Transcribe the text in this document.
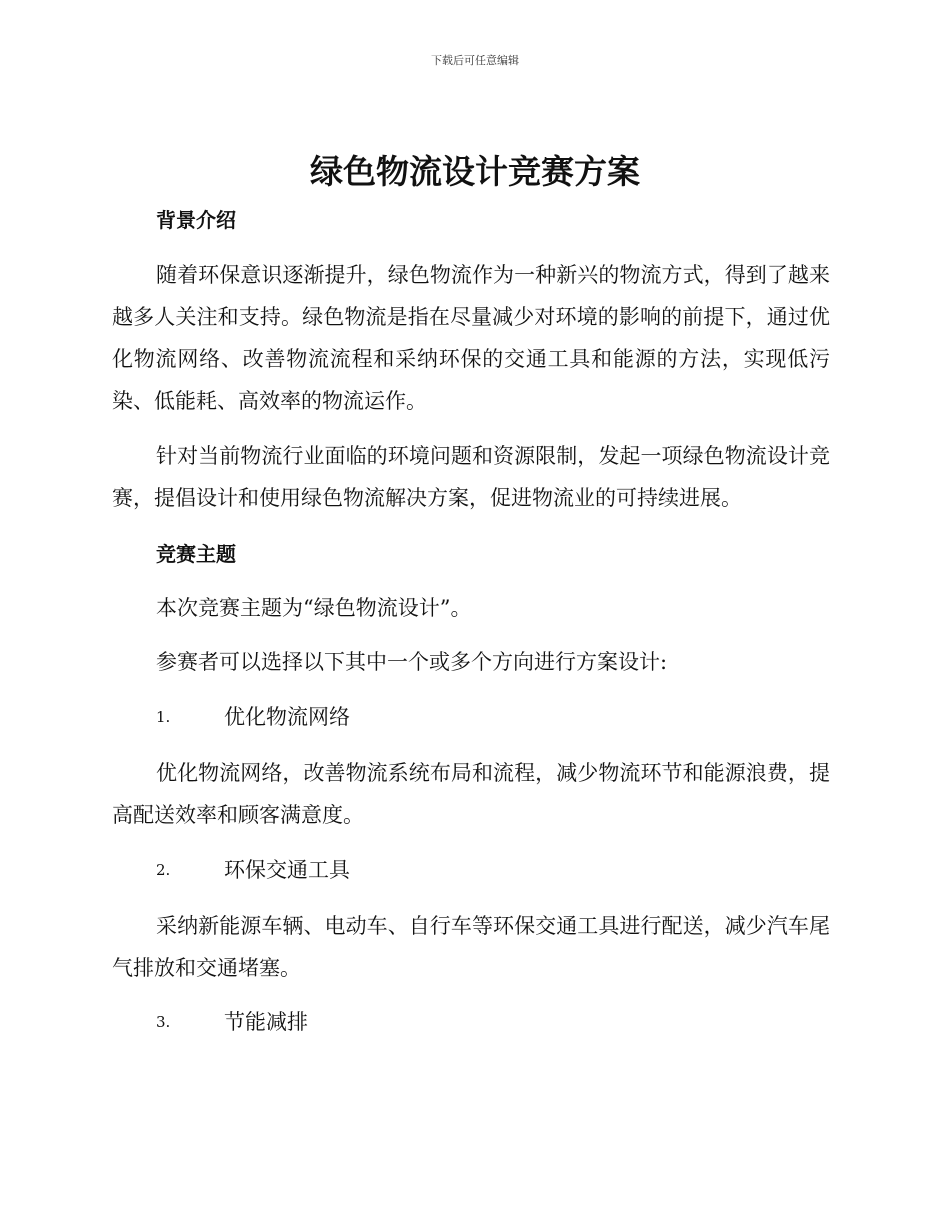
下载后可任意编辑
绿色物流设计竞赛方案
背景介绍

随着环保意识逐渐提升，绿色物流作为一种新兴的物流方式，得到了越来越多人关注和支持。绿色物流是指在尽量减少对环境的影响的前提下，通过优化物流网络、改善物流流程和采纳环保的交通工具和能源的方法，实现低污染、低能耗、高效率的物流运作。

针对当前物流行业面临的环境问题和资源限制，发起一项绿色物流设计竞赛，提倡设计和使用绿色物流解决方案，促进物流业的可持续进展。

竞赛主题

本次竞赛主题为“绿色物流设计”。

参赛者可以选择以下其中一个或多个方向进行方案设计:

1.	优化物流网络

优化物流网络，改善物流系统布局和流程，减少物流环节和能源浪费，提高配送效率和顾客满意度。

2.	环保交通工具

采纳新能源车辆、电动车、自行车等环保交通工具进行配送，减少汽车尾气排放和交通堵塞。

3.	节能减排
